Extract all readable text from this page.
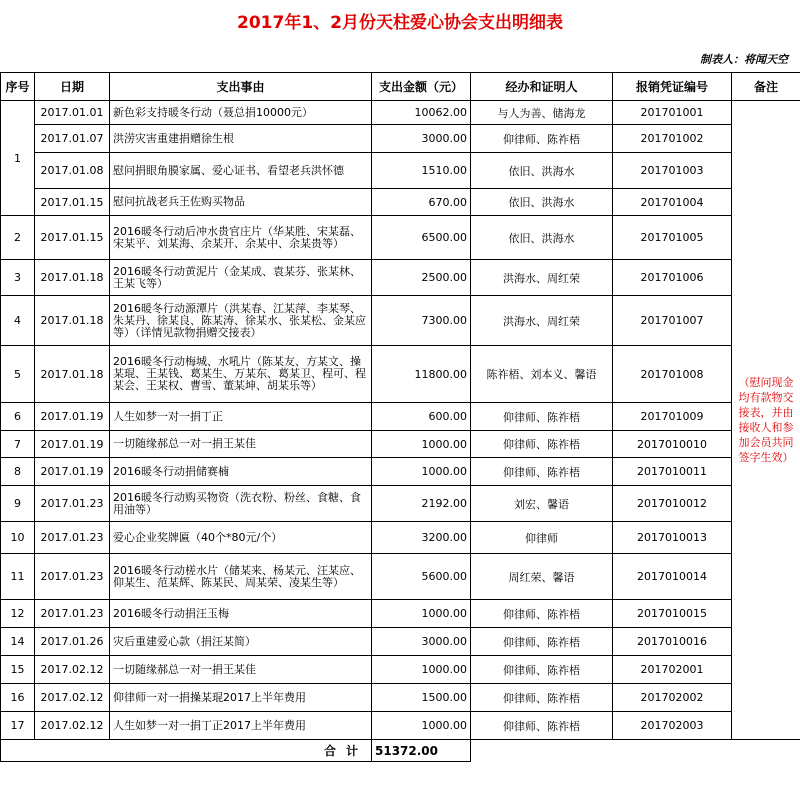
2017年1、2月份天柱爱心协会支出明细表
制表人：将闻天空
序号	日期	支出事由	支出金额（元）	经办和证明人	报销凭证编号	备注
1	2017.01.01	新色彩支持暖冬行动（聂总捐10000元）	10062.00	与人为善、储海龙	201701001	（慰问现金均有款物交接表，并由接收人和参加会员共同签字生效）
	2017.01.07	洪涝灾害重建捐赠徐生根	3000.00	仰律师、陈祚梧	201701002	
	2017.01.08	慰问捐眼角膜家属、爱心证书、看望老兵洪怀德	1510.00	依旧、洪海水	201701003	
	2017.01.15	慰问抗战老兵王佐购买物品	670.00	依旧、洪海水	201701004	
2	2017.01.15	2016暖冬行动后冲水贵官庄片（华某胜、宋某磊、宋某平、刘某海、余某开、余某中、余某贵等）	6500.00	依旧、洪海水	201701005	
3	2017.01.18	2016暖冬行动黄泥片（金某成、袁某芬、张某林、王某飞等）	2500.00	洪海水、周红荣	201701006	
4	2017.01.18	2016暖冬行动源潭片（洪某春、江某萍、李某琴、朱某丹、徐某良、陈某涛、徐某水、张某松、金某应等）（详情见款物捐赠交接表）	7300.00	洪海水、周红荣	201701007	
5	2017.01.18	2016暖冬行动梅城、水吼片（陈某友、方某文、操某琨、王某钱、葛某生、万某东、葛某卫、程可、程某会、王某权、曹雪、董某坤、胡某乐等）	11800.00	陈祚梧、刘本义、馨语	201701008	
6	2017.01.19	人生如梦一对一捐丁正	600.00	仰律师、陈祚梧	201701009	
7	2017.01.19	一切随缘郝总一对一捐王某佳	1000.00	仰律师、陈祚梧	2017010010	
8	2017.01.19	2016暖冬行动捐储赛楠	1000.00	仰律师、陈祚梧	2017010011	
9	2017.01.23	2016暖冬行动购买物资（洗衣粉、粉丝、食糖、食用油等）	2192.00	刘宏、馨语	2017010012	
10	2017.01.23	爱心企业奖牌匾（40个*80元/个）	3200.00	仰律师	2017010013	
11	2017.01.23	2016暖冬行动槎水片（储某来、杨某元、汪某应、仰某生、范某辉、陈某民、周某荣、凌某生等）	5600.00	周红荣、馨语	2017010014	
12	2017.01.23	2016暖冬行动捐汪玉梅	1000.00	仰律师、陈祚梧	2017010015	
14	2017.01.26	灾后重建爱心款（捐汪某简）	3000.00	仰律师、陈祚梧	2017010016	
15	2017.02.12	一切随缘郝总一对一捐王某佳	1000.00	仰律师、陈祚梧	201702001	
16	2017.02.12	仰律师一对一捐操某琨2017上半年费用	1500.00	仰律师、陈祚梧	201702002	
17	2017.02.12	人生如梦一对一捐丁正2017上半年费用	1000.00	仰律师、陈祚梧	201702003	
合计			51372.00			
